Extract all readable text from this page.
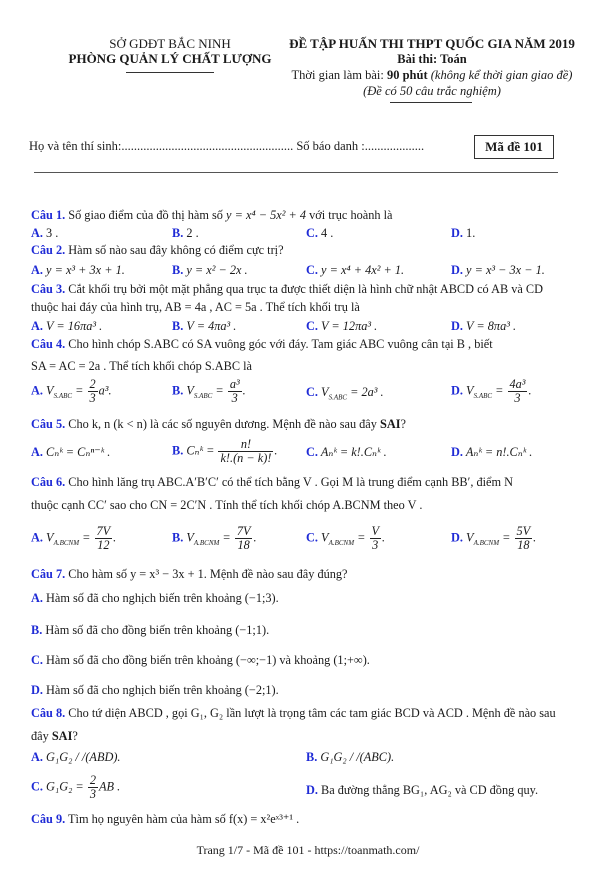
SỞ GDĐT BẮC NINH
PHÒNG QUẢN LÝ CHẤT LƯỢNG
ĐỀ TẬP HUẤN THI THPT QUỐC GIA NĂM 2019
Bài thi: Toán
Thời gian làm bài: 90 phút (không kể thời gian giao đề)
(Đề có 50 câu trắc nghiệm)
Họ và tên thí sinh:....................................................... Số báo danh :...................	Mã đề 101
Câu 1. Số giao điểm của đồ thị hàm số y = x⁴ − 5x² + 4 với trục hoành là
A. 3 .	B. 2 .	C. 4 .	D. 1.
Câu 2. Hàm số nào sau đây không có điểm cực trị?
A. y = x³ + 3x + 1.	B. y = x² − 2x .	C. y = x⁴ + 4x² + 1.	D. y = x³ − 3x − 1.
Câu 3. Cắt khối trụ bởi một mặt phẳng qua trục ta được thiết diện là hình chữ nhật ABCD có AB và CD
thuộc hai đáy của hình trụ, AB = 4a , AC = 5a . Thể tích khối trụ là
A. V = 16πa³ .	B. V = 4πa³ .	C. V = 12πa³ .	D. V = 8πa³ .
Câu 4. Cho hình chóp S.ABC có SA vuông góc với đáy. Tam giác ABC vuông cân tại B , biết
SA = AC = 2a . Thể tích khối chóp S.ABC là
A. $V_{S.ABC} = \frac{2}{3} a^3$.	B. $V_{S.ABC} = \frac{\text{a³}}{3}$ .	C. $V_{S.ABC} = 2a^3$ .	D. $V_{S.ABC} = \frac{\text{4a³}}{3}$ .
Câu 5. Cho k, n (k < n) là các số nguyên dương. Mệnh đề nào sau đây SAI?
A. Cₙᵏ = Cₙⁿ⁻ᵏ .	B. Cₙᵏ = $\frac{n!}{k!.(n - k)!}$ . C. Aₙᵏ = k!.Cₙᵏ .	D. Aₙᵏ = n!.Cₙᵏ .
Câu 6. Cho hình lăng trụ ABC.A′B′C′ có thể tích bằng V . Gọi M là trung điểm cạnh BB′, điểm N
thuộc cạnh CC′ sao cho CN = 2C′N . Tính thể tích khối chóp A.BCNM theo V .
A. $V_{A.BCNM} = \frac{7V}{12}$ .	B. $V_{A.BCNM} = \frac{7V}{18}$ .	C. $V_{A.BCNM} = \frac{V}{3}$ .	D. $V_{A.BCNM} = \frac{5V}{18}$ .
Câu 7. Cho hàm số y = x³ − 3x + 1. Mệnh đề nào sau đây đúng?
A. Hàm số đã cho nghịch biến trên khoảng (−1;3).
B. Hàm số đã cho đồng biến trên khoảng (−1;1).
C. Hàm số đã cho đồng biến trên khoảng (−∞;−1) và khoảng (1;+∞).
D. Hàm số đã cho nghịch biến trên khoảng (−2;1).
Câu 8. Cho tứ diện ABCD , gọi G₁, G₂ lần lượt là trọng tâm các tam giác BCD và ACD . Mệnh đề nào sau
đây SAI?
A. G₁G₂ / /(ABD).	B. G₁G₂ / /(ABC).
C. $G_1G_2 = \frac{2}{3}$ AB .	D. Ba đường thẳng BG₁, AG₂ và CD đồng quy.
Câu 9. Tìm họ nguyên hàm của hàm số f(x) = x²eˣ³⁺¹ .
Trang 1/7 - Mã đề 101 - https://toanmath.com/
